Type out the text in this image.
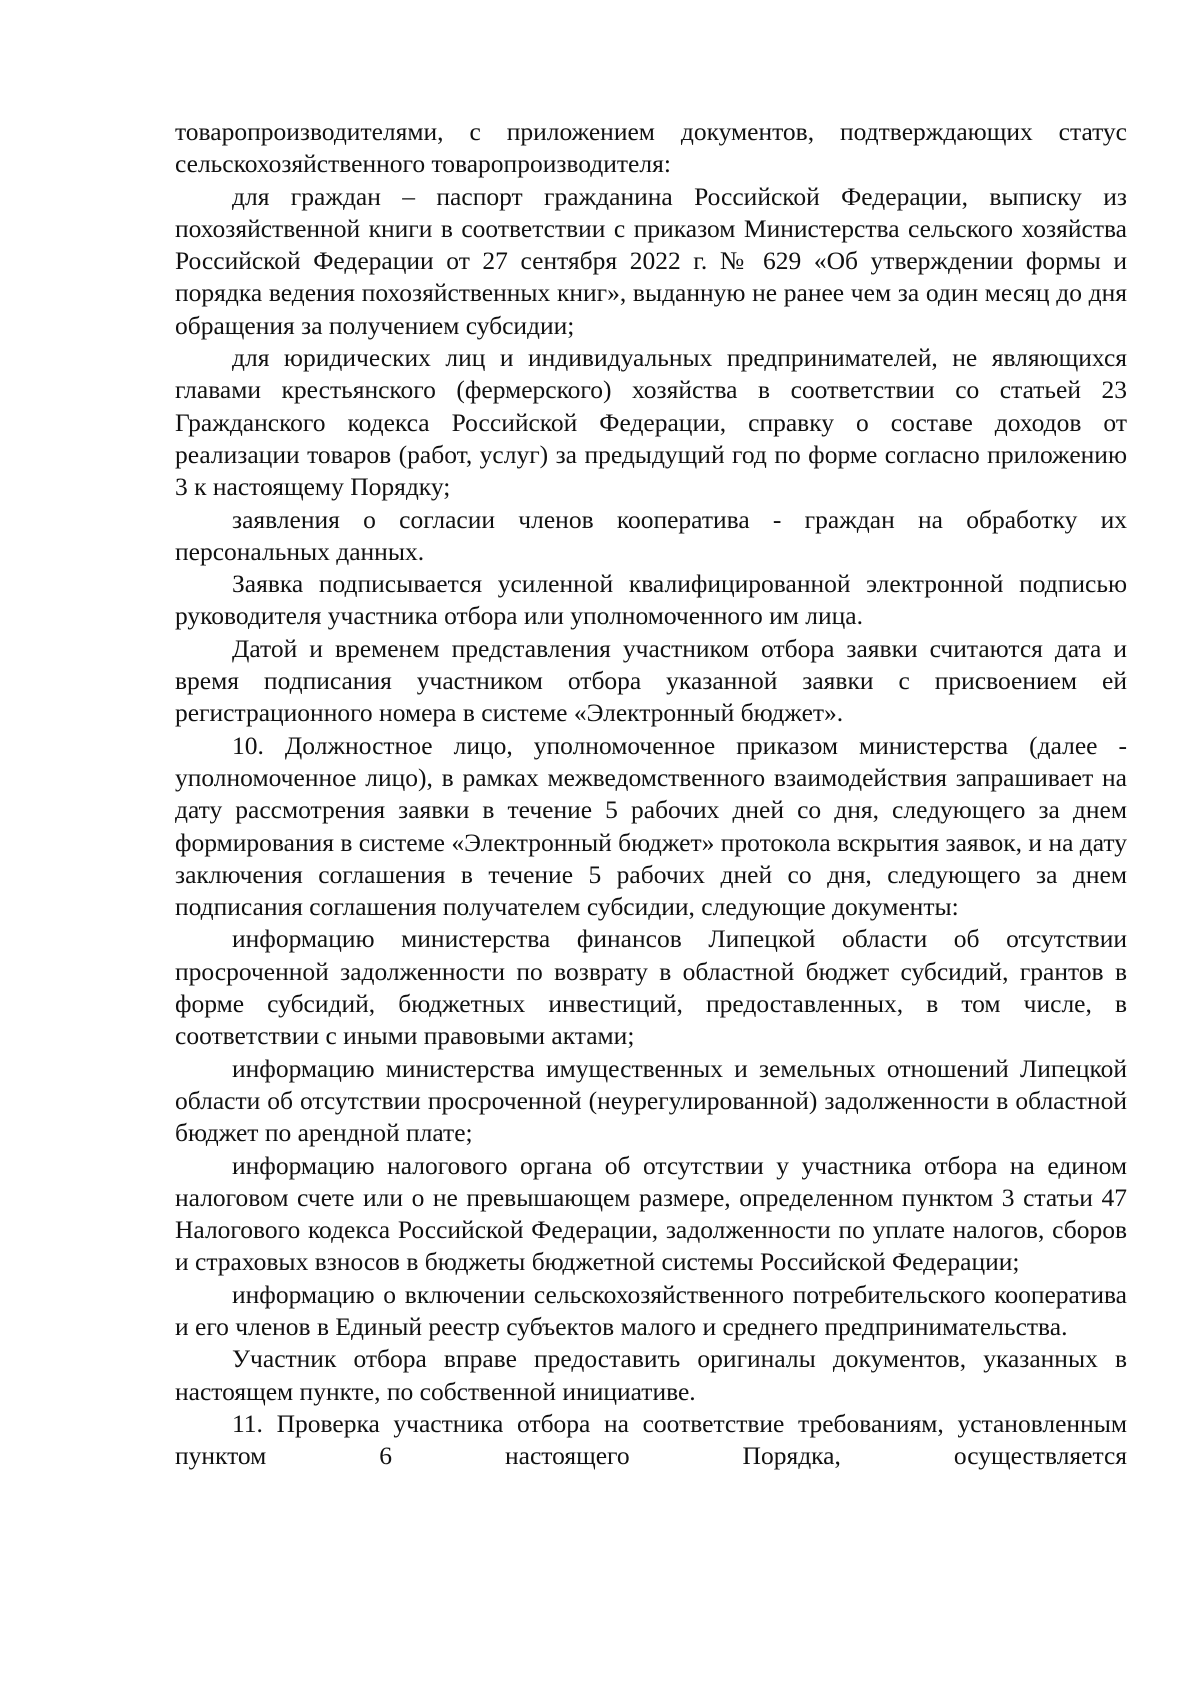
товаропроизводителями, с приложением документов, подтверждающих статус сельскохозяйственного товаропроизводителя:

для граждан – паспорт гражданина Российской Федерации, выписку из похозяйственной книги в соответствии с приказом Министерства сельского хозяйства Российской Федерации от 27 сентября 2022 г. № 629 «Об утверждении формы и порядка ведения похозяйственных книг», выданную не ранее чем за один месяц до дня обращения за получением субсидии;

для юридических лиц и индивидуальных предпринимателей, не являющихся главами крестьянского (фермерского) хозяйства в соответствии со статьей 23 Гражданского кодекса Российской Федерации, справку о составе доходов от реализации товаров (работ, услуг) за предыдущий год по форме согласно приложению 3 к настоящему Порядку;

заявления о согласии членов кооператива - граждан на обработку их персональных данных.

Заявка подписывается усиленной квалифицированной электронной подписью руководителя участника отбора или уполномоченного им лица.

Датой и временем представления участником отбора заявки считаются дата и время подписания участником отбора указанной заявки с присвоением ей регистрационного номера в системе «Электронный бюджет».

10. Должностное лицо, уполномоченное приказом министерства (далее - уполномоченное лицо), в рамках межведомственного взаимодействия запрашивает на дату рассмотрения заявки в течение 5 рабочих дней со дня, следующего за днем формирования в системе «Электронный бюджет» протокола вскрытия заявок, и на дату заключения соглашения в течение 5 рабочих дней со дня, следующего за днем подписания соглашения получателем субсидии, следующие документы:

информацию министерства финансов Липецкой области об отсутствии просроченной задолженности по возврату в областной бюджет субсидий, грантов в форме субсидий, бюджетных инвестиций, предоставленных, в том числе, в соответствии с иными правовыми актами;

информацию министерства имущественных и земельных отношений Липецкой области об отсутствии просроченной (неурегулированной) задолженности в областной бюджет по арендной плате;

информацию налогового органа об отсутствии у участника отбора на едином налоговом счете или о не превышающем размере, определенном пунктом 3 статьи 47 Налогового кодекса Российской Федерации, задолженности по уплате налогов, сборов и страховых взносов в бюджеты бюджетной системы Российской Федерации;

информацию о включении сельскохозяйственного потребительского кооператива и его членов в Единый реестр субъектов малого и среднего предпринимательства.

Участник отбора вправе предоставить оригиналы документов, указанных в настоящем пункте, по собственной инициативе.

11. Проверка участника отбора на соответствие требованиям, установленным пунктом 6 настоящего Порядка, осуществляется
